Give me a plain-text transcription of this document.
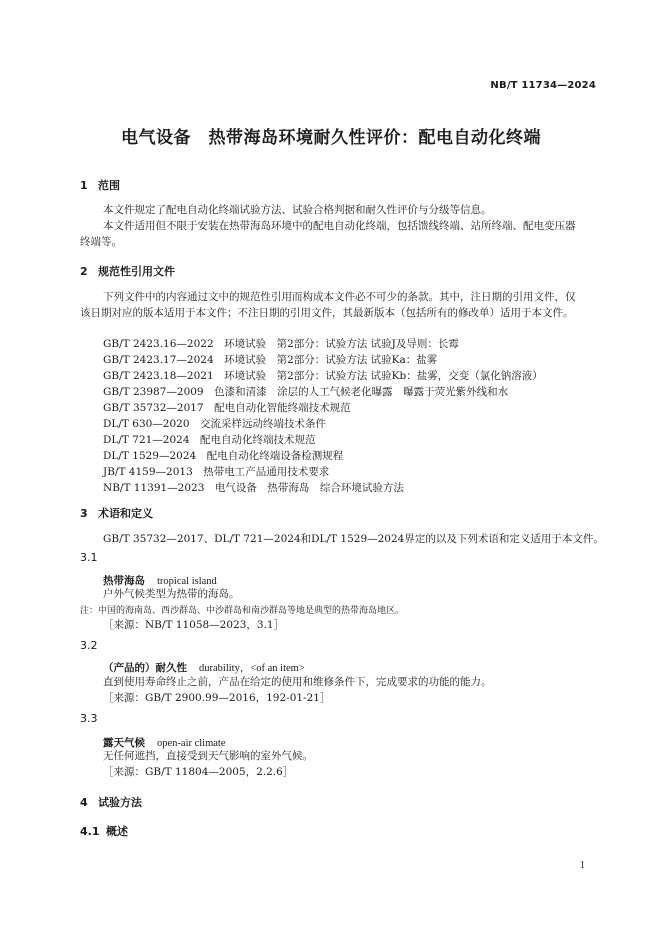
NB/T 11734—2024
电气设备　热带海岛环境耐久性评价：配电自动化终端
1 范围
本文件规定了配电自动化终端试验方法、试验合格判据和耐久性评价与分级等信息。
本文件适用但不限于安装在热带海岛环境中的配电自动化终端，包括馈线终端、站所终端、配电变压器终端等。
2 规范性引用文件
下列文件中的内容通过文中的规范性引用而构成本文件必不可少的条款。其中，注日期的引用文件，仅该日期对应的版本适用于本文件；不注日期的引用文件，其最新版本（包括所有的修改单）适用于本文件。
GB/T 2423.16—2022　环境试验　第2部分：试验方法 试验J及导则：长霉
GB/T 2423.17—2024　环境试验　第2部分：试验方法 试验Ka：盐雾
GB/T 2423.18—2021　环境试验　第2部分：试验方法 试验Kb：盐雾，交变（氯化钠溶液）
GB/T 23987—2009　色漆和清漆　涂层的人工气候老化曝露　曝露于荧光紫外线和水
GB/T 35732—2017　配电自动化智能终端技术规范
DL/T 630—2020　交流采样远动终端技术条件
DL/T 721—2024　配电自动化终端技术规范
DL/T 1529—2024　配电自动化终端设备检测规程
JB/T 4159—2013　热带电工产品通用技术要求
NB/T 11391—2023　电气设备　热带海岛　综合环境试验方法
3 术语和定义
GB/T 35732—2017、DL/T 721—2024和DL/T 1529—2024界定的以及下列术语和定义适用于本文件。
3.1
热带海岛 tropical island
户外气候类型为热带的海岛。
注：中国的海南岛、西沙群岛、中沙群岛和南沙群岛等地是典型的热带海岛地区。
［来源：NB/T 11058—2023，3.1］
3.2
（产品的）耐久性 durability，<of an item>
直到使用寿命终止之前，产品在给定的使用和维修条件下，完成要求的功能的能力。
［来源：GB/T 2900.99—2016，192-01-21］
3.3
露天气候 open-air climate
无任何遮挡，直接受到天气影响的室外气候。
［来源：GB/T 11804—2005，2.2.6］
4 试验方法
4.1 概述
1
